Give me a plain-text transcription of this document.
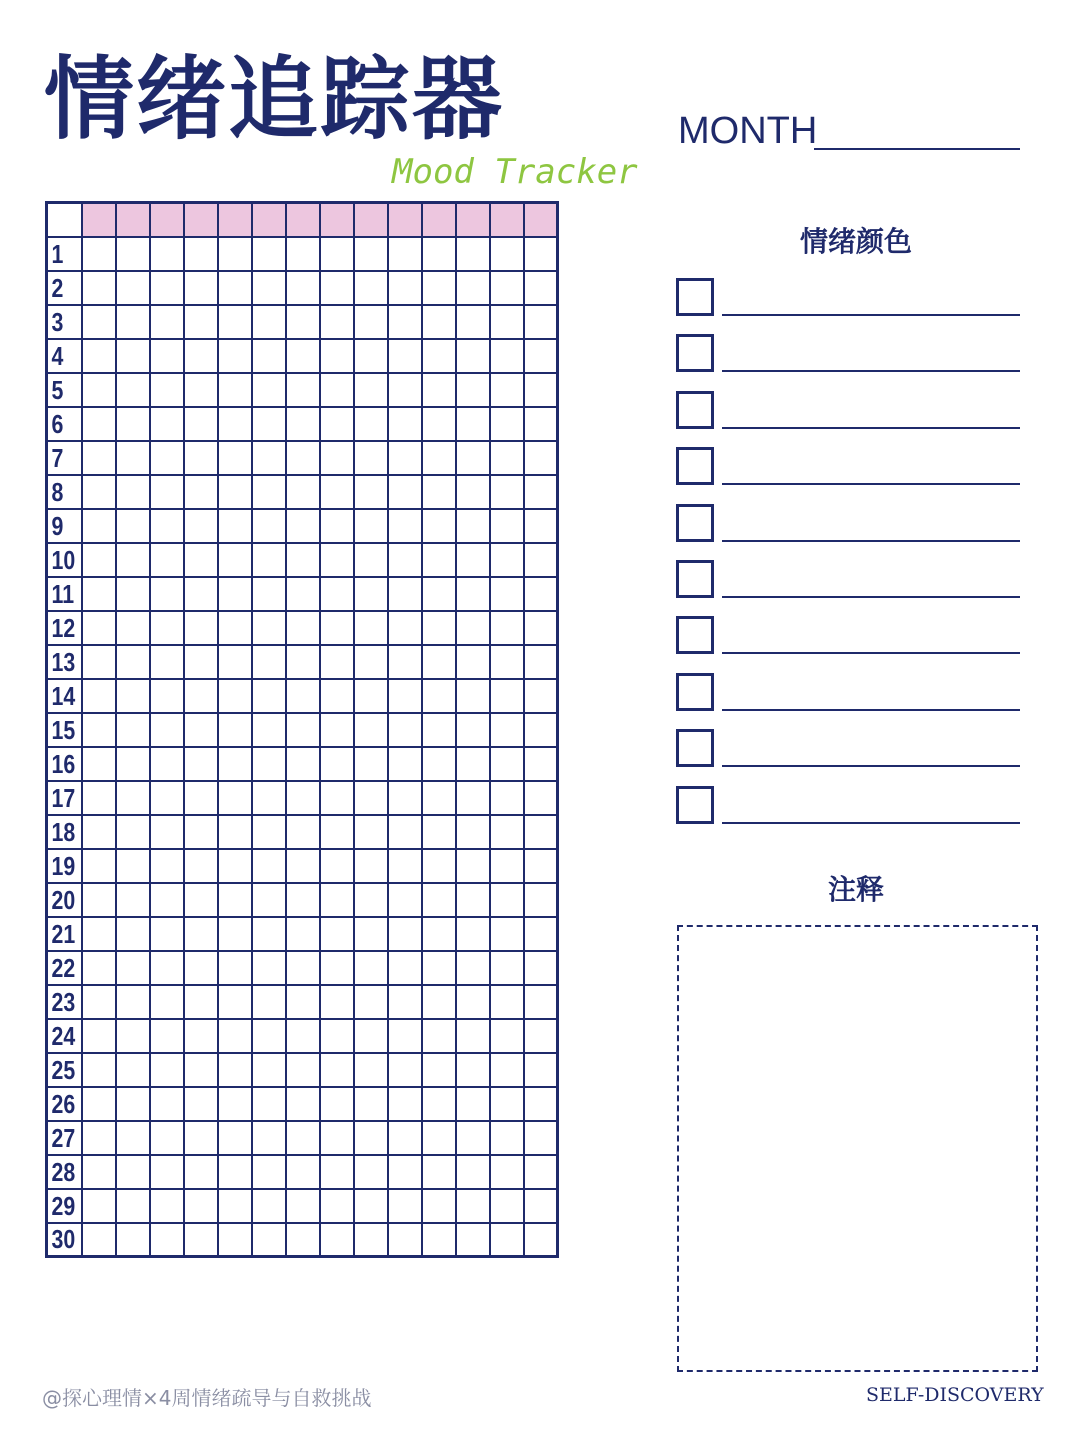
情绪追踪器
Mood Tracker
MONTH

1														
2														
3														
4														
5														
6														
7														
8														
9														
10														
11														
12														
13														
14														
15														
16														
17														
18														
19														
20														
21														
22														
23														
24														
25														
26														
27														
28														
29														
30														
情绪颜色
注释
@探心理情×4周情绪疏导与自救挑战	SELF-DISCOVERY
